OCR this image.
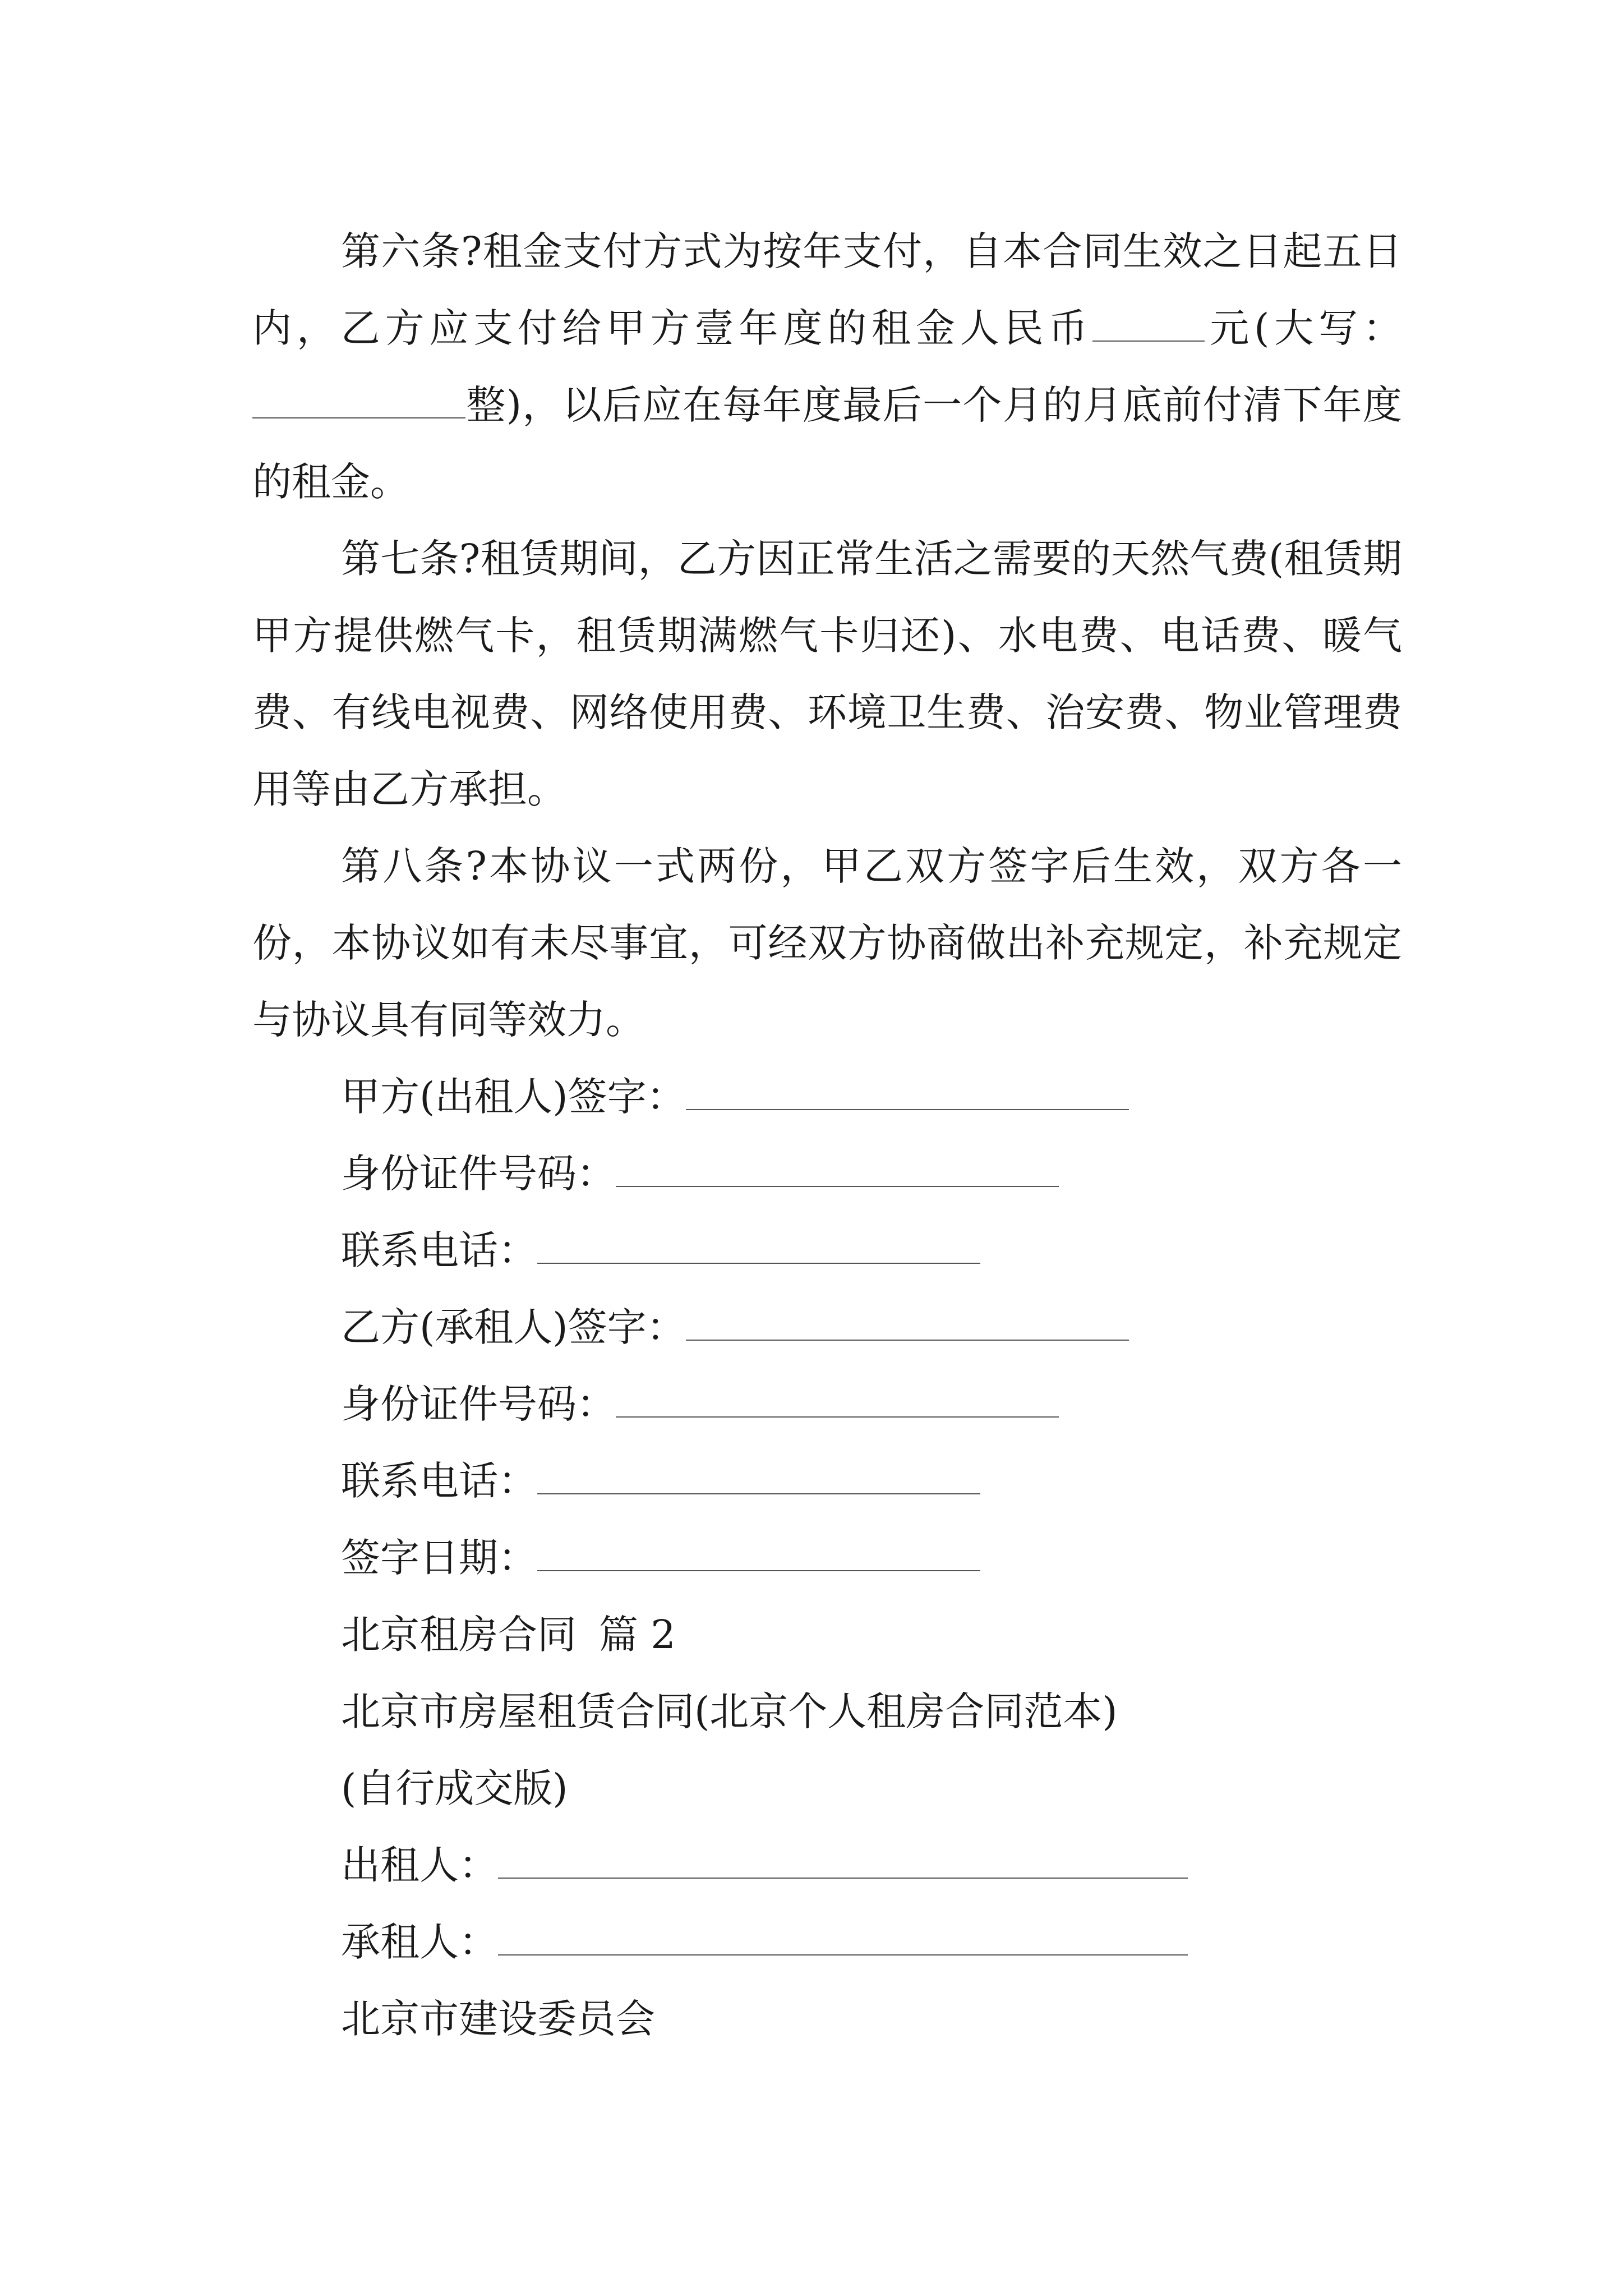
第六条?租金支付方式为按年支付，自本合同生效之日起五日内，乙方应支付给甲方壹年度的租金人民币	元(大写：整)，以后应在每年度最后一个月的月底前付清下年度的租金。

第七条?租赁期间，乙方因正常生活之需要的天然气费(租赁期甲方提供燃气卡，租赁期满燃气卡归还)、水电费、电话费、暖气费、有线电视费、网络使用费、环境卫生费、治安费、物业管理费用等由乙方承担。

第八条?本协议一式两份，甲乙双方签字后生效，双方各一份，本协议如有未尽事宜，可经双方协商做出补充规定，补充规定与协议具有同等效力。

甲方(出租人)签字：
身份证件号码：
联系电话：
乙方(承租人)签字：
身份证件号码：
联系电话：
签字日期：
北京租房合同 篇 2
北京市房屋租赁合同(北京个人租房合同范本)
(自行成交版)
出租人：
承租人：
北京市建设委员会
